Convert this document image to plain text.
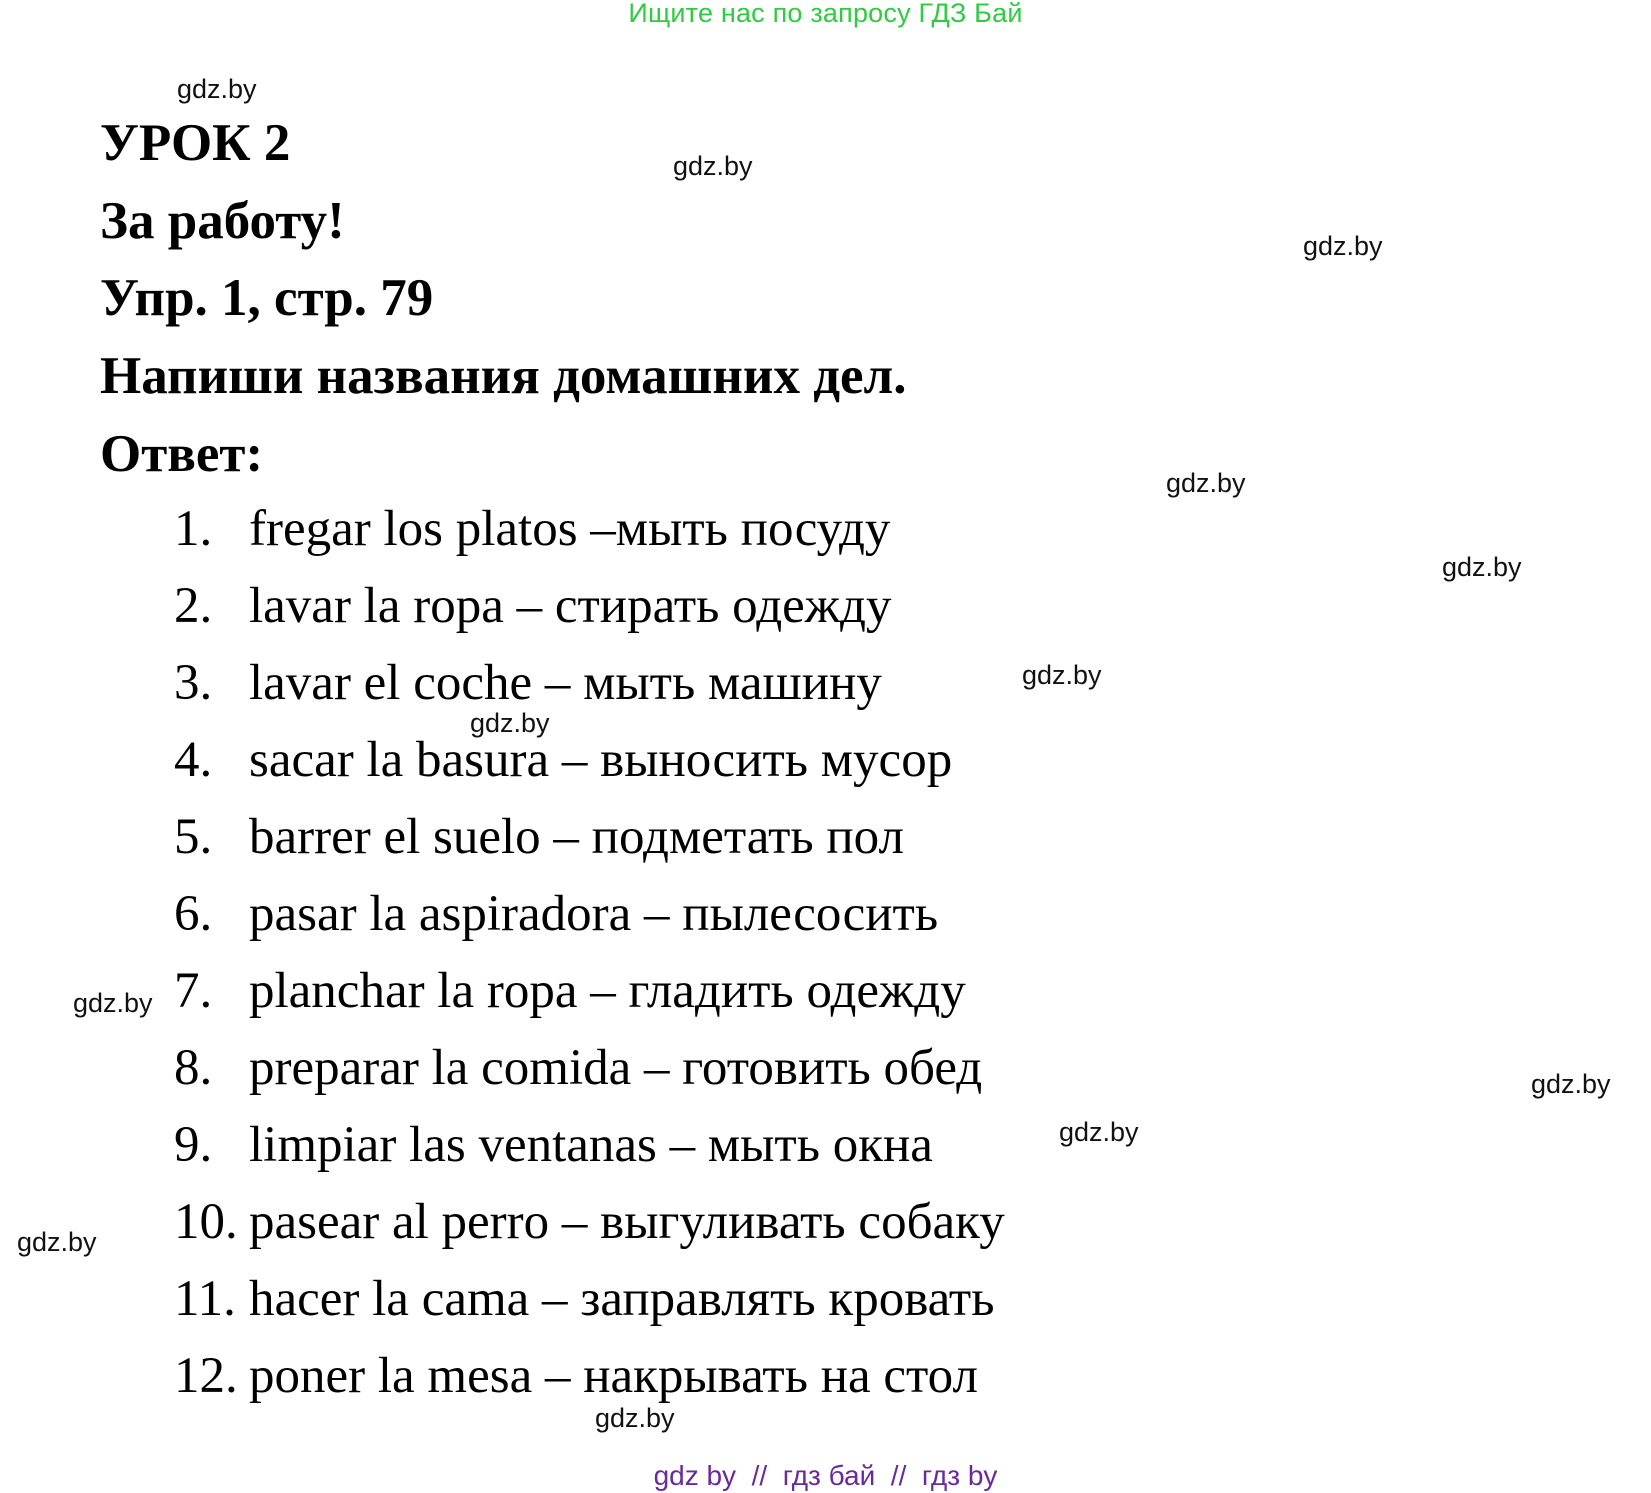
Ищите нас по запросу ГДЗ Бай
УРОК 2
За работу!
Упр. 1, стр. 79
Напиши названия домашних дел.
Ответ:
1. fregar los platos –мыть посуду
2. lavar la ropa – стирать одежду
3. lavar el coche – мыть машину
4. sacar la basura – выносить мусор
5. barrer el suelo – подметать пол
6. pasar la aspiradora – пылесосить
7. planchar la ropa – гладить одежду
8. preparar la comida – готовить обед
9. limpiar las ventanas – мыть окна
10. pasear al perro – выгуливать собаку
11. hacer la cama – заправлять кровать
12. poner la mesa – накрывать на стол
gdz.by
gdz.by
gdz.by
gdz.by
gdz.by
gdz.by
gdz.by
gdz.by
gdz.by
gdz.by
gdz.by
gdz.by
gdz by  //  гдз бай  //  гдз by
